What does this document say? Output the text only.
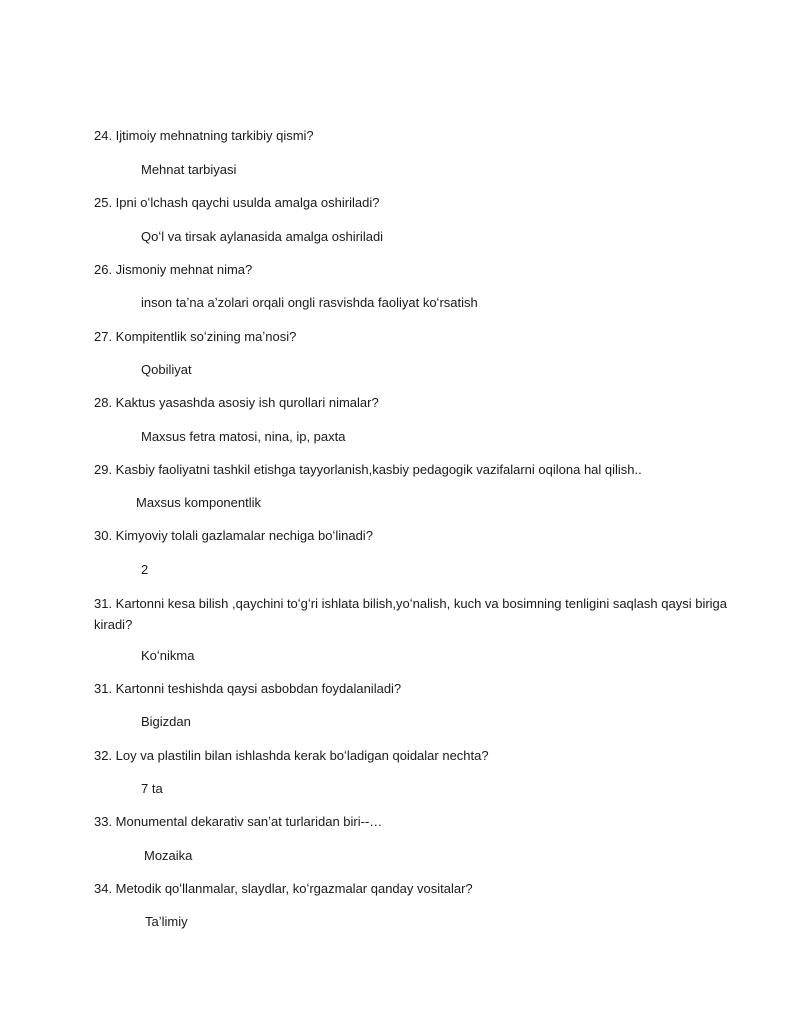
24. Ijtimoiy mehnatning tarkibiy qismi?
Mehnat tarbiyasi
25. Ipni oʻlchash qaychi usulda amalga oshiriladi?
Qoʻl va tirsak aylanasida amalga oshiriladi
26. Jismoniy mehnat nima?
inson taʼna aʼzolari orqali ongli rasvishda faoliyat koʻrsatish
27. Kompitentlik soʻzining maʼnosi?
Qobiliyat
28. Kaktus yasashda asosiy ish qurollari nimalar?
Maxsus fetra matosi, nina, ip, paxta
29. Kasbiy faoliyatni tashkil etishga tayyorlanish,kasbiy pedagogik vazifalarni oqilona hal qilish..
Maxsus komponentlik
30. Kimyoviy tolali gazlamalar nechiga boʻlinadi?
2
31. Kartonni kesa bilish ,qaychini toʻgʻri ishlata bilish,yoʻnalish, kuch va bosimning tenligini saqlash qaysi biriga kiradi?
Koʻnikma
31. Kartonni teshishda qaysi asbobdan foydalaniladi?
Bigizdan
32. Loy va plastilin bilan ishlashda kerak boʻladigan qoidalar nechta?
7 ta
33. Monumental dekarativ sanʼat turlaridan biri--…
Mozaika
34. Metodik qoʻllanmalar, slaydlar, koʻrgazmalar qanday vositalar?
Taʼlimiy
